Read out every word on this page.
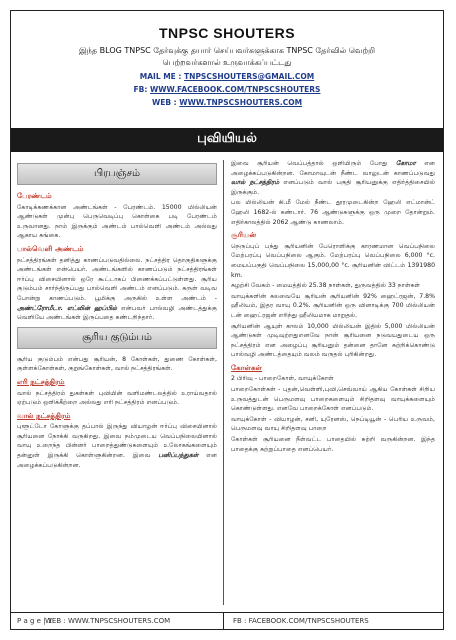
TNPSC SHOUTERS
இந்த BLOG TNPSC தேர்வுக்கு தயார் செய்பவர்களுக்காக TNPSC தேர்வில் வெற்றி பெற்றவர்களால் உருவாக்கப்பட்டது
MAIL ME : TNPSCSHOUTERS@GMAIL.COM
FB: WWW.FACEBOOK.COM/TNPSCSHOUTERS
WEB : WWW.TNPSCSHOUTERS.COM
புவியியல்
பிரபஞ்சம்
பேரண்டம்

கோடிக்கணக்கான அண்டங்கள் - பேரண்டம். 15000 மில்லியன் ஆண்டுகள் முன்பு பெருவெடிப்பு கொள்கை படி பேரண்டம் உருவானது. நாம் இருக்கும் அண்டம் பால்வெளி அண்டம் அல்லது ஆகாய கங்கை.

பால்வெளி அண்டம்

நட்சத்திரங்கள் தனித்து காணப்படுவதில்லை. நட்சத்திர தொகுதிகளுக்கு அண்டங்கள் என்பெயர். அண்டங்களில் காணப்படும் நட்சத்திரங்கள் ஈர்ப்பு விசையினால் ஒரே கூட்டாகப் பிணைக்கப்பட்டுள்ளது. சூரிய குடும்பம் சார்ந்திருப்பது பால்வெளி அண்டம் எனப்படும். சுருள் வடிவ போன்று காணப்படும். பூமிக்கு அருகில் உள்ள அண்டம் - அண்ட்ரோமீடா. எட்வின் ஹப்பில் என்பவர் பால்வழி அண்டத்துக்கு வெளியே அண்டங்கள் இருப்பதை கண்டறிந்தார்.

சூரிய குடும்பம்

சூரிய குடும்பம் என்பது சூரியன், 8 கோள்கள், துணை கோள்கள், குள்ளக்கோள்கள், குறுங்கோள்கள், வால் நட்சத்திரங்கள்.

எரி நட்சத்திரம்

வால் நட்சத்திரம் துகள்கள் புவியின் வளிமண்டலத்தில் உராய்வதால் ஏற்படும் ஒளிக்கீற்றை அல்லது எரி நட்சத்திரம் எனப்படும்.

வால் நட்சத்திரம்

புளூட்டோ கோளுக்கு தப்பால் இருந்து வியாழன் ஈர்ப்பு விசையினால் சூரியனை நோக்கி வருகிறது. இவை நம்முடைய வெப்பநிலையினால் வாயு உறைந்த பின்னர் பாறைத்துண்டுகளையும் உலோகங்களையும் தன்னுள் இருக்கி கொள்ளுகின்றன. இவை பனிப்பந்துகள் என அழைக்கப்படுகின்றன.

இவை சூரியன் வெப்பத்தால் ஒளியிரும் போது கோமா என அழைக்கப்படுகின்றன. கோமாவுடன் நீண்ட வாலுடன் காணப்படுவது வால் நட்சத்திரம் எனப்படும் வால் பகுதி சூரியனுக்கு எதிர்த்திசையில் இருக்கும்.

பல மில்லியன் கி.மீ மேல் நீண்ட தூரமுடைகின்ற ஹேலி எட்மான்ட் ஹேலி 1682-ல் கண்டார். 76 ஆண்டுகளுக்கு ஒரு முறை தோன்றும். எதிர்காலத்தில் 2062 ஆண்டு காணலாம்.

சூரியன்

நெருப்புப் பந்து சூரியனின் பேரொளிக்கு காரணமான வெப்பநிலை மேற்பரப்பு வெப்பநிலை ஆகும். மேற்பரப்பு வெப்பநிலை 6,000 °c. மையப்பகுதி வெப்பநிலை 15,000,00 °c. சூரியனின் விட்டம் 1391980 km.

சுழற்சி வேகம் - மையத்தில் 25.38 நாள்கள், துருவத்தில் 33 நாள்கள்

வாயுக்களின் கலவையே சூரியன் சூரியனின் 92% ஹைட்ரஜன், 7.8% ஹீலியம், இதர வாயு 0.2%. சூரியனின் ஒரு வினாடிக்கு 700 மில்லியன் டன் ஹைட்ரஜன் எரிந்து ஹீலியமாக மாறுதல்.

சூரியனின் ஆயுள் காலம் 10,000 மில்லியன் இதில் 5,000 மில்லியன் ஆண்டுகள் முடிவுற்றதுஎனவே நான் சூரியனை நடுவயதுடைய ஒரு நட்சத்திரம் என அழைப்பு சூரியனும் தன்னை தானே சுற்றிக்கொண்டு பால்வழி அண்டத்தையும் வலம் வருதல் புரிகின்றது.

கோள்கள்

2 பிரிவு - பாறைகோள், வாயுக்கோள்

பாறைகோள்கள் - புதன்,வெள்ளி,புவி,செவ்வாய் ஆகிய கோள்கள் சிறிய உருவத்துடன் பெருமளவு பாறைகளையும் சிறிதளவு வாயுக்களையும் கொண்டுள்ளது. எனவே பாறைக்கோள் எனப்படும்.

வாயுக்கோள் - வியாழன், சனி, யுரேனஸ், நெப்டியூன் - பெரிய உருவம், பெருமளவு வாயு சிறிதளவு பாறை

கோள்கள் சூரியனை நீள்வட்ட பாதையில் சுற்றி வருகின்றன. இந்த பாதைக்கு சுற்றுப்பாதை எனப்பெயர்.

P a g e | 1
WEB : WWW.TNPSCSHOUTERS.COM	FB : FACEBOOK.COM/TNPSCSHOUTERS
